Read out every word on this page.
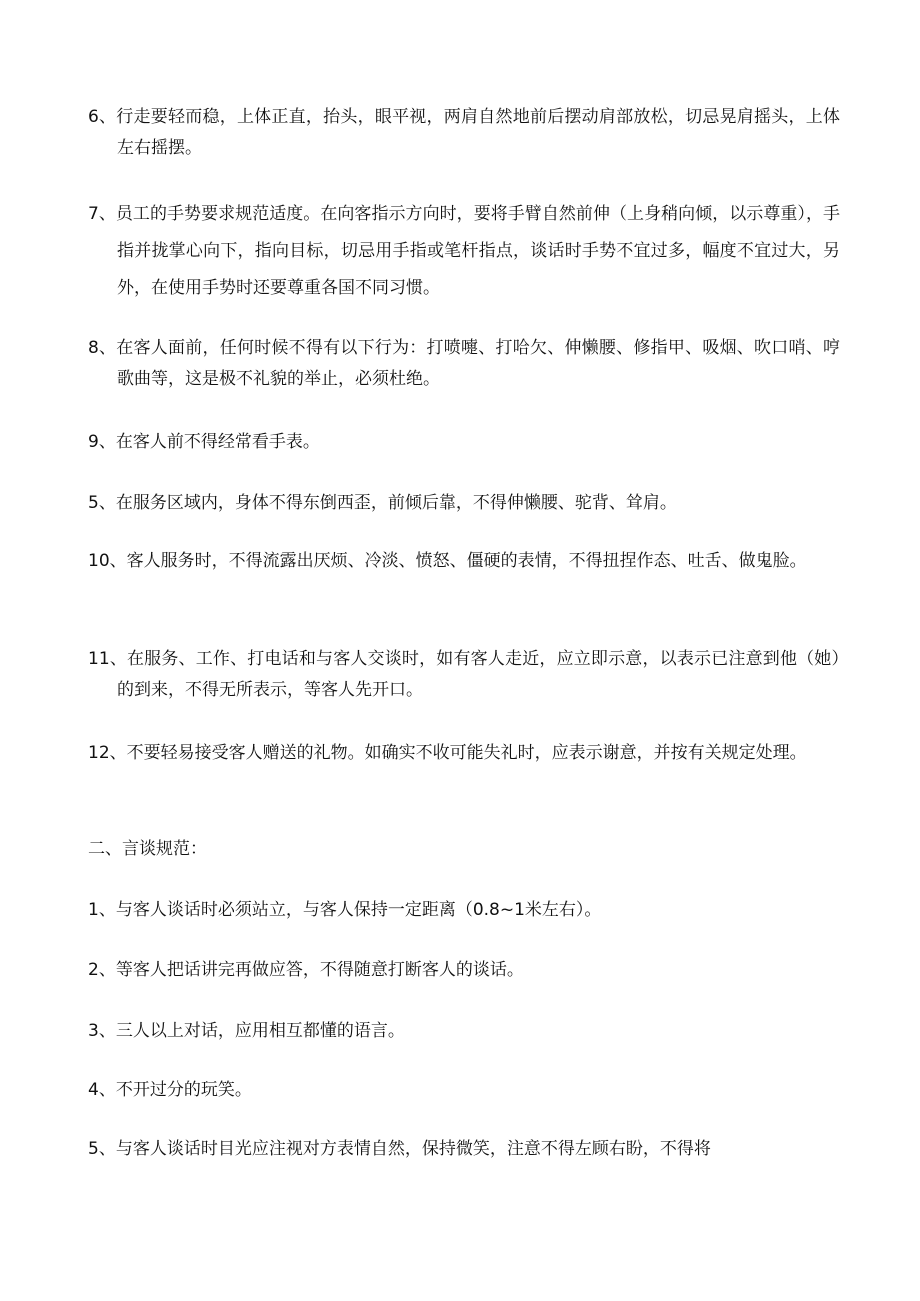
6、行走要轻而稳，上体正直，抬头，眼平视，两肩自然地前后摆动肩部放松，切忌晃肩摇头，上体左右摇摆。
7、员工的手势要求规范适度。在向客指示方向时，要将手臂自然前伸（上身稍向倾，以示尊重），手指并拢掌心向下，指向目标，切忌用手指或笔杆指点，谈话时手势不宜过多，幅度不宜过大，另外，在使用手势时还要尊重各国不同习惯。
8、在客人面前，任何时候不得有以下行为：打喷嚏、打哈欠、伸懒腰、修指甲、吸烟、吹口哨、哼歌曲等，这是极不礼貌的举止，必须杜绝。
9、在客人前不得经常看手表。
5、在服务区域内，身体不得东倒西歪，前倾后靠，不得伸懒腰、驼背、耸肩。
10、客人服务时，不得流露出厌烦、冷淡、愤怒、僵硬的表情，不得扭捏作态、吐舌、做鬼脸。
11、在服务、工作、打电话和与客人交谈时，如有客人走近，应立即示意，以表示已注意到他（她）的到来，不得无所表示，等客人先开口。
12、不要轻易接受客人赠送的礼物。如确实不收可能失礼时，应表示谢意，并按有关规定处理。
二、言谈规范：
1、与客人谈话时必须站立，与客人保持一定距离（0.8~1米左右）。
2、等客人把话讲完再做应答，不得随意打断客人的谈话。
3、三人以上对话，应用相互都懂的语言。
4、不开过分的玩笑。
5、与客人谈话时目光应注视对方表情自然，保持微笑，注意不得左顾右盼，不得将
